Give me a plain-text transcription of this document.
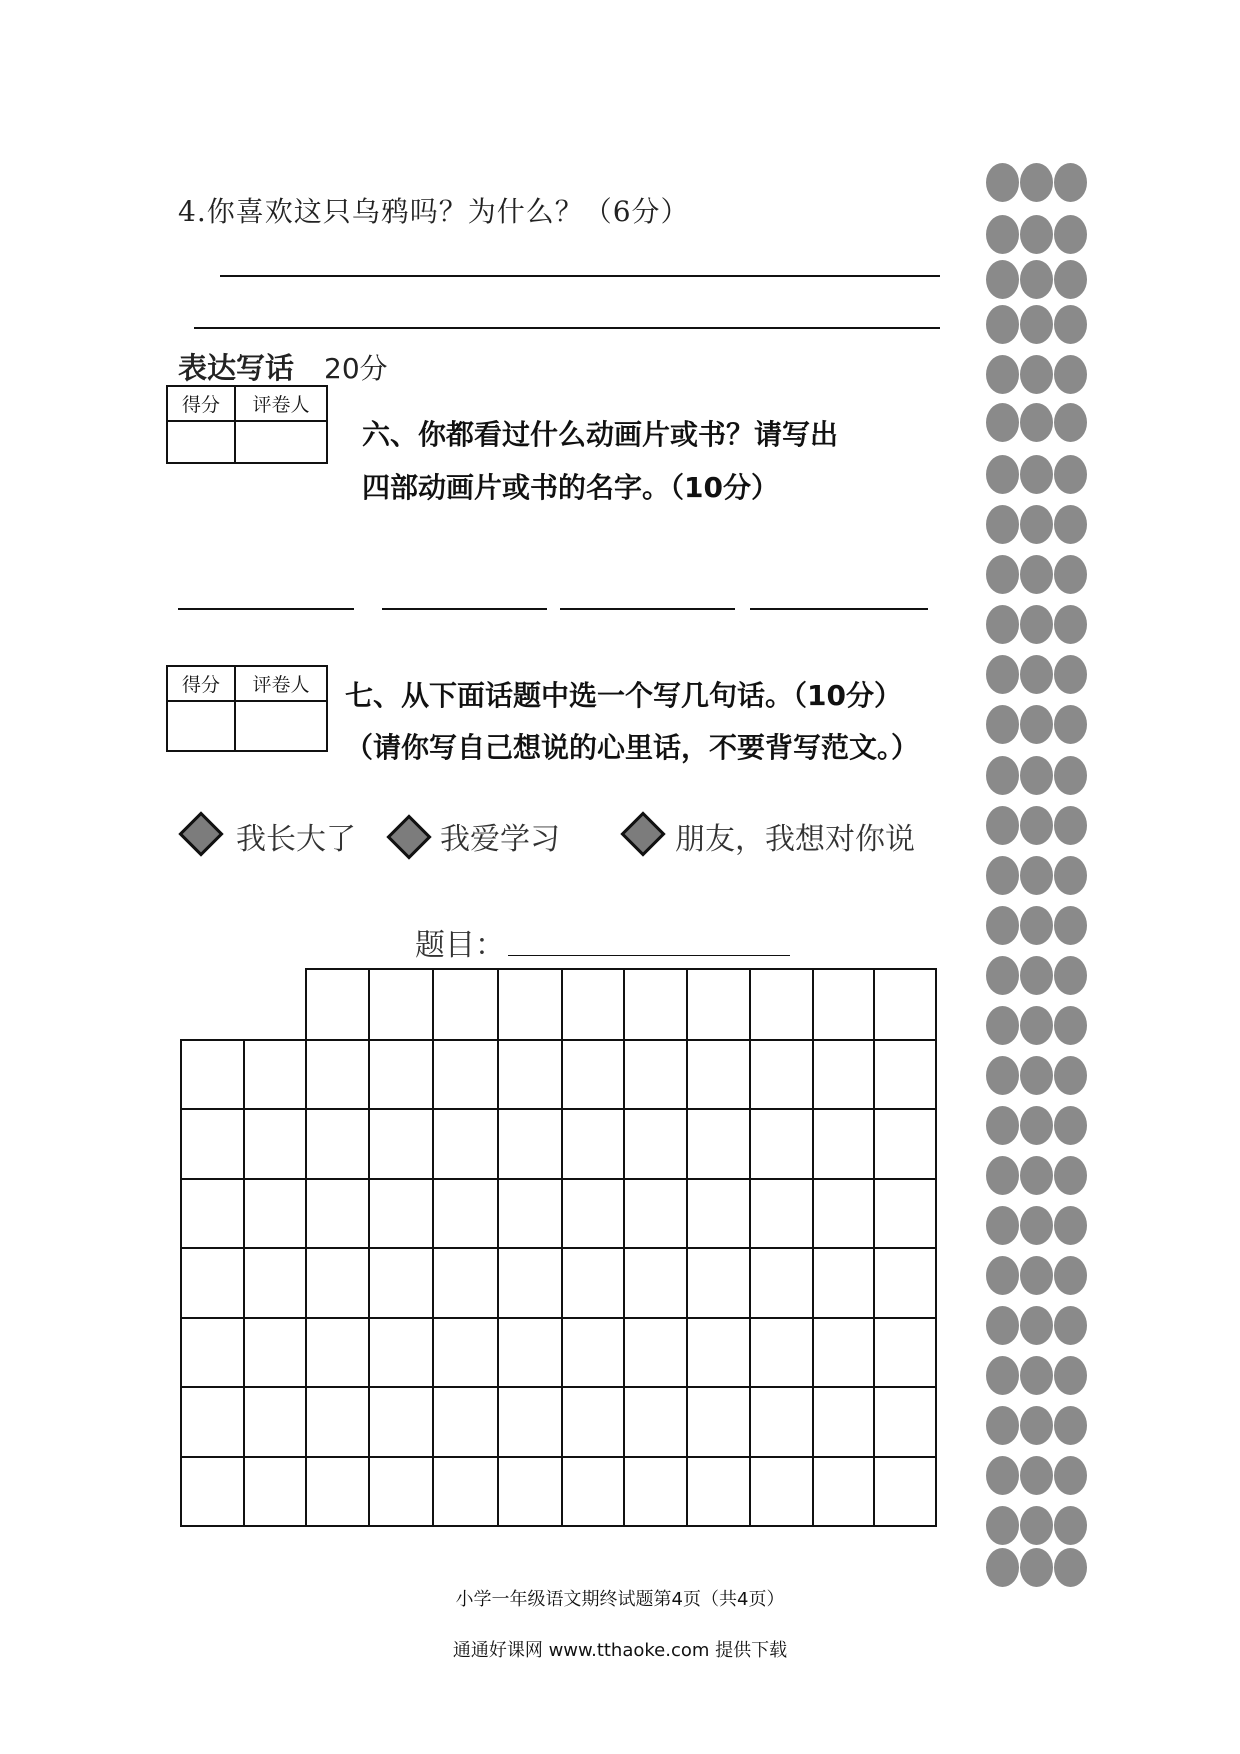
4.你喜欢这只乌鸦吗？为什么？（6分）
表达写话 20分
得分	评卷人

六、你都看过什么动画片或书？请写出
四部动画片或书的名字。（10分）
得分	评卷人
	七、从下面话题中选一个写几句话。（10分）
（请你写自己想说的心里话，不要背写范文。）
我长大了	我爱学习	朋友，我想对你说
题目：
小学一年级语文期终试题第4页（共4页）
通通好课网 www.tthaoke.com 提供下载
